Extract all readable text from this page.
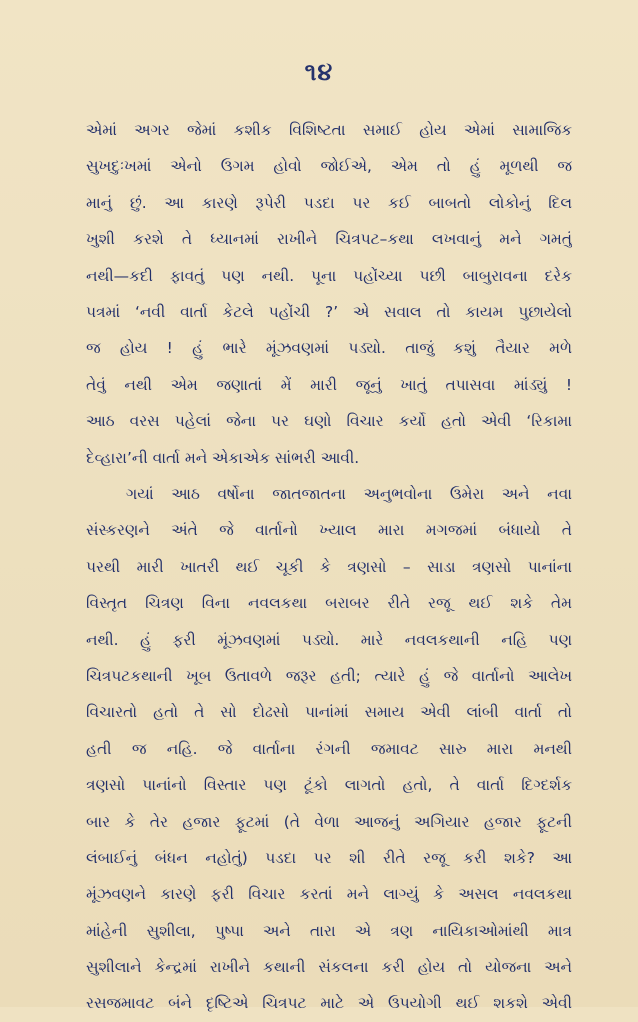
૧૪
એમાં અગર જેમાં કશીક વિશિષ્ટતા સમાઈ હોય એમાં સામાજિક
સુખદુઃખમાં એનો ઉગમ હોવો જોઈએ, એમ તો હું મૂળથી જ
માનું છું. આ કારણે રૂપેરી પડદા પર કઈ બાબતો લોકોનું દિલ
ખુશી કરશે તે ધ્યાનમાં રાખીને ચિત્રપટ–કથા લખવાનું મને ગમતું
નથી—કદી ફાવતું પણ નથી. પૂના પહોંચ્યા પછી બાબુરાવના દરેક
પત્રમાં ‘નવી વાર્તા કેટલે પહોંચી ?’ એ સવાલ તો કાયમ પુછાયેલો
જ હોય ! હું ભારે મૂંઝવણમાં પડ્યો. તાજું કશું તૈયાર મળે
તેવું નથી એમ જણાતાં મેં મારી જૂનું ખાતું તપાસવા માંડ્યું !
આઠ વરસ પહેલાં જેના પર ઘણો વિચાર કર્યો હતો એવી ‘રિકામા
દેવ્હારા’ની વાર્તા મને એકાએક સાંભરી આવી.
ગયાં આઠ વર્ષોના જાતજાતના અનુભવોના ઉમેરા અને નવા
સંસ્કરણને અંતે જે વાર્તાનો ખ્યાલ મારા મગજમાં બંધાયો તે
પરથી મારી ખાતરી થઈ ચૂકી કે ત્રણસો – સાડા ત્રણસો પાનાંના
વિસ્તૃત ચિત્રણ વિના નવલકથા બરાબર રીતે રજૂ થઈ શકે તેમ
નથી. હું ફરી મૂંઝવણમાં પડ્યો. મારે નવલકથાની નહિ પણ
ચિત્રપટકથાની ખૂબ ઉતાવળે જરૂર હતી; ત્યારે હું જે વાર્તાનો આલેખ
વિચારતો હતો તે સો દોઢસો પાનાંમાં સમાય એવી લાંબી વાર્તા તો
હતી જ નહિ. જે વાર્તાના રંગની જમાવટ સારુ મારા મનથી
ત્રણસો પાનાંનો વિસ્તાર પણ ટૂંકો લાગતો હતો, તે વાર્તા દિગ્દર્શક
બાર કે તેર હજાર ફૂટમાં (તે વેળા આજનું અગિયાર હજાર ફૂટની
લંબાઈનું બંધન નહોતું) પડદા પર શી રીતે રજૂ કરી શકે? આ
મૂંઝવણને કારણે ફરી વિચાર કરતાં મને લાગ્યું કે અસલ નવલકથા
માંહેની સુશીલા, પુષ્પા અને તારા એ ત્રણ નાયિકાઓમાંથી માત્ર
સુશીલાને કેન્દ્રમાં રાખીને કથાની સંકલના કરી હોય તો યોજના અને
રસજમાવટ બંને દૃષ્ટિએ ચિત્રપટ માટે એ ઉપયોગી થઈ શકશે એવી
